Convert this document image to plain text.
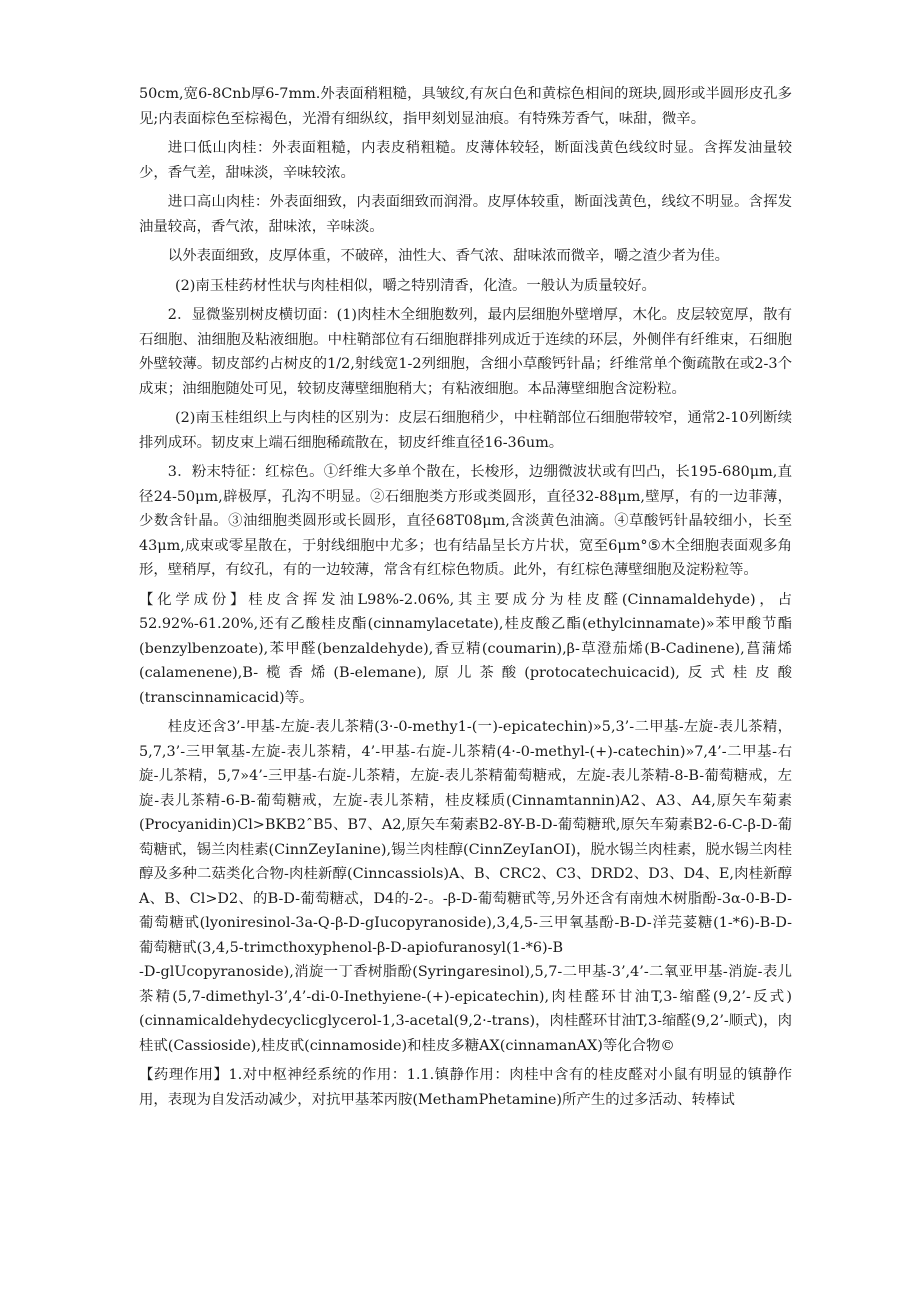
50cm,宽6-8Cnb厚6-7mm.外表面稍粗糙，具皱纹,有灰白色和黄棕色相间的斑块,圆形或半圆形皮孔多见;内表面棕色至棕褐色，光滑有细纵纹，指甲刻划显油痕。有特殊芳香气，味甜，微辛。

进口低山肉桂：外表面粗糙，内表皮稍粗糙。皮薄体较轻，断面浅黄色线纹时显。含挥发油量较少，香气差，甜味淡，辛味较浓。

进口高山肉桂：外表面细致，内表面细致而润滑。皮厚体较重，断面浅黄色，线纹不明显。含挥发油量较高，香气浓，甜味浓，辛味淡。

以外表面细致，皮厚体重，不破碎，油性大、香气浓、甜味浓而微辛，嚼之渣少者为佳。

(2)南玉桂药材性状与肉桂相似，嚼之特别清香，化渣。一般认为质量较好。

2．显微鉴别树皮横切面：(1)肉桂木全细胞数列，最内层细胞外壁增厚，木化。皮层较宽厚，散有石细胞、油细胞及粘液细胞。中柱鞘部位有石细胞群排列成近于连续的环层，外侧伴有纤维束，石细胞外壁较薄。韧皮部约占树皮的1/2,射线宽1-2列细胞，含细小草酸钙针晶；纤维常单个衡疏散在或2-3个成束；油细胞随处可见，较韧皮薄壁细胞稍大；有粘液细胞。本品薄壁细胞含淀粉粒。

(2)南玉桂组织上与肉桂的区别为：皮层石细胞稍少，中柱鞘部位石细胞带较窄，通常2-10列断续排列成环。韧皮束上端石细胞稀疏散在，韧皮纤维直径16-36um。

3．粉末特征：红棕色。①纤维大多单个散在，长梭形，边绷微波状或有凹凸，长195-680μm,直径24-50μm,辟极厚，孔沟不明显。②石细胞类方形或类圆形，直径32-88μm,壁厚，有的一边菲薄，少数含针晶。③油细胞类圆形或长圆形，直径68T08μm,含淡黄色油滴。④草酸钙针晶较细小，长至43μm,成束或零星散在，于射线细胞中尤多；也有结晶呈长方片状，宽至6μm°⑤木全细胞表面观多角形，壁稍厚，有纹孔，有的一边较薄，常含有红棕色物质。此外，有红棕色薄壁细胞及淀粉粒等。

【化学成份】桂皮含挥发油L98%-2.06%,其主要成分为桂皮醛(Cinnamaldehyde)，占52.92%-61.20%,还有乙酸桂皮酯(cinnamylacetate),桂皮酸乙酯(ethylcinnamate)»苯甲酸节酯(benzylbenzoate),苯甲醛(benzaldehyde),香豆精(coumarin),β-草澄茄烯(B-Cadinene),菖蒲烯(calamenene),B-榄香烯(B-elemane),原儿茶酸(protocatechuicacid),反式桂皮酸(transcinnamicacid)等。

桂皮还含3’-甲基-左旋-表儿茶精(3·-0-methy1-(一)-epicatechin)»5,3’-二甲基-左旋-表儿茶精，5,7,3’-三甲氧基-左旋-表儿茶精，4’-甲基-右旋-儿茶精(4·-0-methyl-(+)-catechin)»7,4’-二甲基-右旋-儿茶精，5,7»4’-三甲基-右旋-儿茶精，左旋-表儿茶精葡萄糖戒，左旋-表儿茶精-8-B-葡萄糖戒，左旋-表儿茶精-6-B-葡萄糖戒，左旋-表儿茶精，桂皮糅质(Cinnamtannin)A2、A3、A4,原矢车菊素(Procyanidin)Cl>BKB2ˆB5、B7、A2,原矢车菊素B2-8Y-B-D-葡萄糖玳,原矢车菊素B2-6-C-β-D-葡萄糖甙，锡兰肉桂素(CinnZeyIanine),锡兰肉桂醇(CinnZeyIanOI)，脱水锡兰肉桂素，脱水锡兰肉桂醇及多种二菇类化合物-肉桂新醇(Cinncassiols)A、B、CRC2、C3、DRD2、D3、D4、E,肉桂新醇A、B、Cl>D2、的B-D-葡萄糖忒，D4的-2-。-β-D-葡萄糖甙等,另外还含有南烛木树脂酚-3α-0-B-D-葡萄糖甙(lyoniresinol-3a-Q-β-D-gIucopyranoside),3,4,5-三甲氧基酚-B-D-洋芫荽糖(1-*6)-B-D-葡萄糖甙(3,4,5-trimcthoxyphenol-β-D-apiofuranosyl(1-*6)-B

-D-glUcopyranoside),消旋一丁香树脂酚(Syringaresinol),5,7-二甲基-3’,4’-二氧亚甲基-消旋-表儿茶精(5,7-dimethyl-3’,4’-di-0-Inethyiene-(+)-epicatechin),肉桂醛环甘油T,3-缩醛(9,2’-反式)(cinnamicaldehydecyclicglycerol-1,3-acetal(9,2·-trans)，肉桂醛环甘油T,3-缩醛(9,2’-顺式)，肉桂甙(Cassioside),桂皮甙(cinnamoside)和桂皮多糖AX(cinnamanAX)等化合物©

【药理作用】1.对中枢神经系统的作用：1.1.镇静作用：肉桂中含有的桂皮醛对小鼠有明显的镇静作用，表现为自发活动减少，对抗甲基苯丙胺(MethamPhetamine)所产生的过多活动、转棒试
